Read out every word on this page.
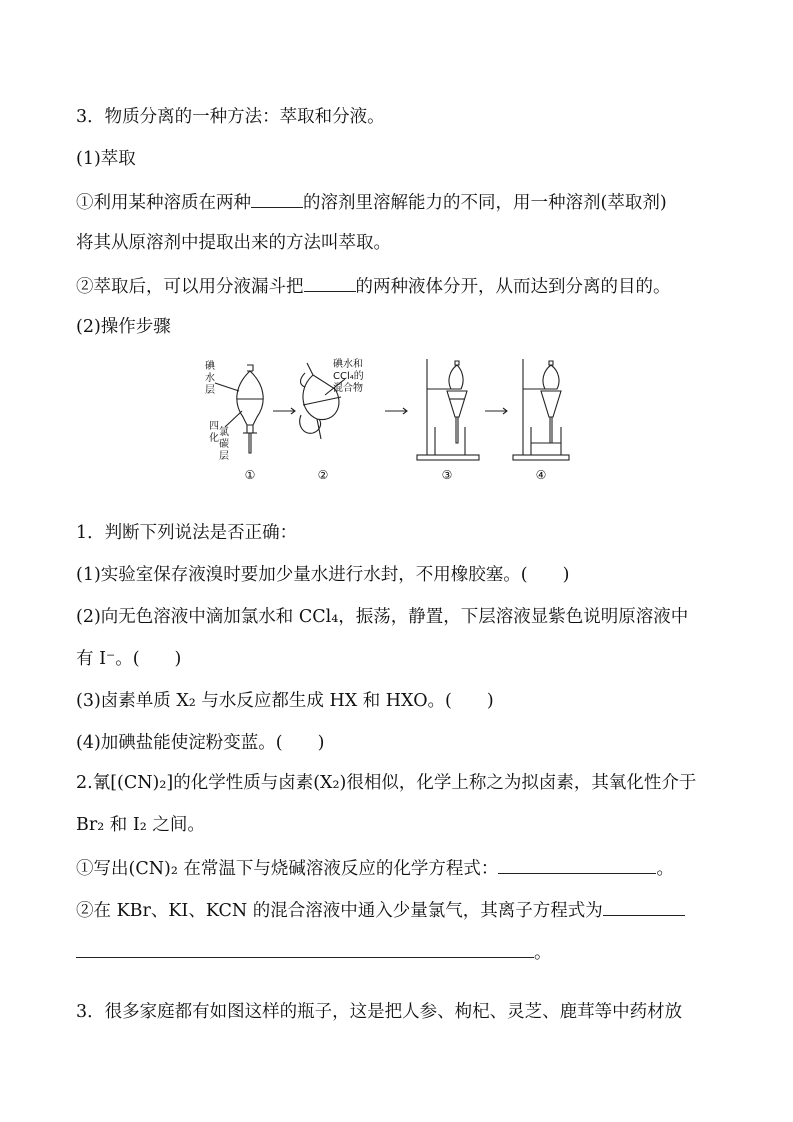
3．物质分离的一种方法：萃取和分液。
(1)萃取
①利用某种溶质在两种	的溶剂里溶解能力的不同，用一种溶剂(萃取剂)
将其从原溶剂中提取出来的方法叫萃取。
②萃取后，可以用分液漏斗把	的两种液体分开，从而达到分离的目的。
(2)操作步骤
碘
水
层
四
氯
化
碳
层
碘水和
CCl₄的
混合物
①	②	③	④
1．判断下列说法是否正确：
(1)实验室保存液溴时要加少量水进行水封，不用橡胶塞。(　　)
(2)向无色溶液中滴加氯水和 CCl₄，振荡，静置，下层溶液显紫色说明原溶液中
有 I⁻。(　　)
(3)卤素单质 X₂ 与水反应都生成 HX 和 HXO。(　　)
(4)加碘盐能使淀粉变蓝。(　　)
2.氰[(CN)₂]的化学性质与卤素(X₂)很相似，化学上称之为拟卤素，其氧化性介于
Br₂ 和 I₂ 之间。
①写出(CN)₂ 在常温下与烧碱溶液反应的化学方程式：	。
②在 KBr、KI、KCN 的混合溶液中通入少量氯气，其离子方程式为
。
3．很多家庭都有如图这样的瓶子，这是把人参、枸杞、灵芝、鹿茸等中药材放
